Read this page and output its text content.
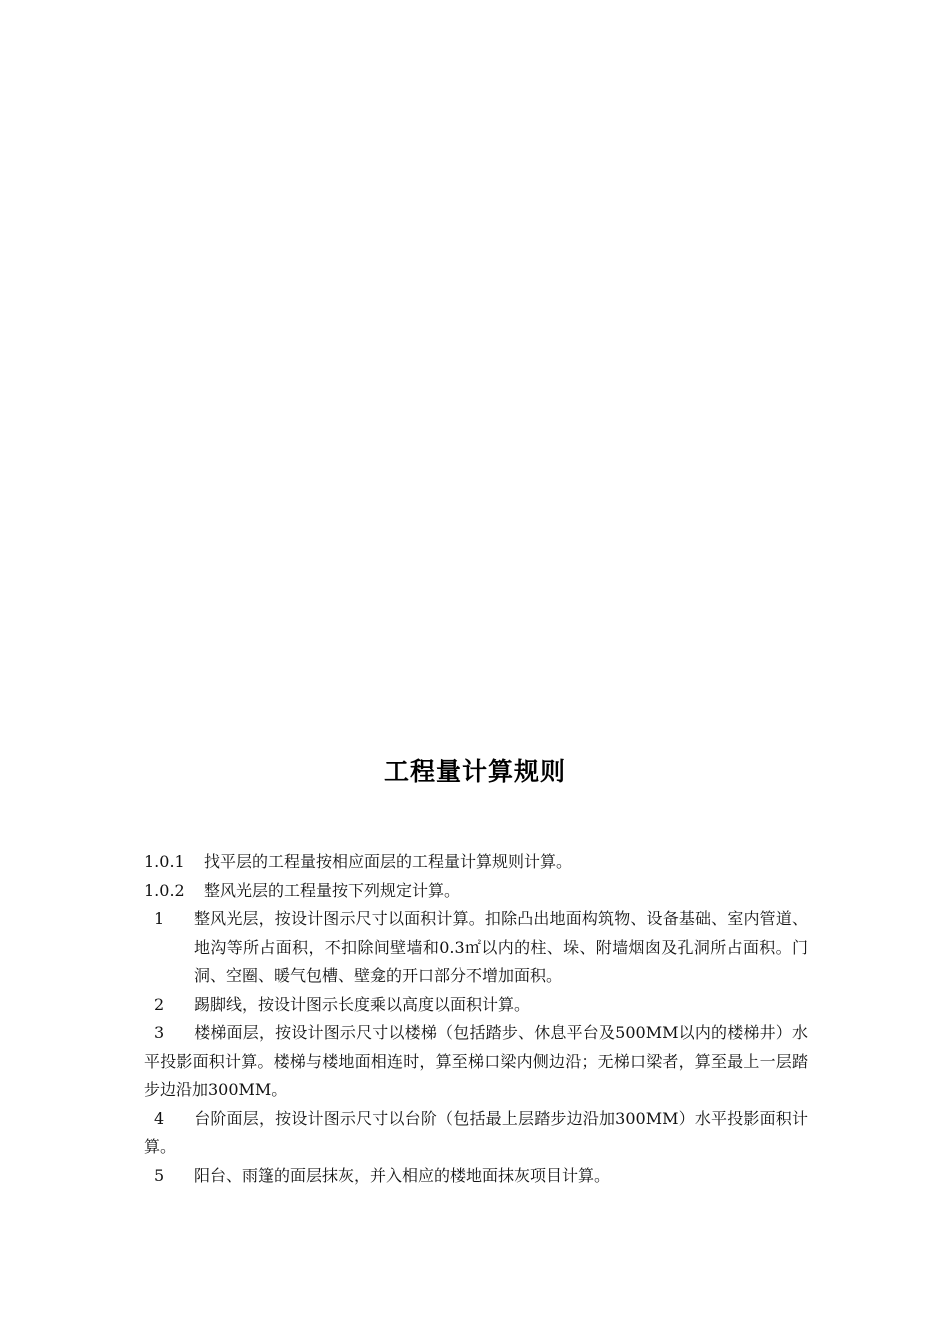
工程量计算规则
1.0.1	找平层的工程量按相应面层的工程量计算规则计算。
1.0.2	整风光层的工程量按下列规定计算。
1	整风光层，按设计图示尺寸以面积计算。扣除凸出地面构筑物、设备基础、室内管道、地沟等所占面积，不扣除间壁墙和0.3㎡以内的柱、垛、附墙烟囱及孔洞所占面积。门洞、空圈、暖气包槽、壁龛的开口部分不增加面积。
2	踢脚线，按设计图示长度乘以高度以面积计算。
3 楼梯面层，按设计图示尺寸以楼梯（包括踏步、休息平台及500MM以内的楼梯井）水平投影面积计算。楼梯与楼地面相连时，算至梯口梁内侧边沿；无梯口梁者，算至最上一层踏步边沿加300MM。
4 台阶面层，按设计图示尺寸以台阶（包括最上层踏步边沿加300MM）水平投影面积计算。
5 阳台、雨篷的面层抹灰，并入相应的楼地面抹灰项目计算。
